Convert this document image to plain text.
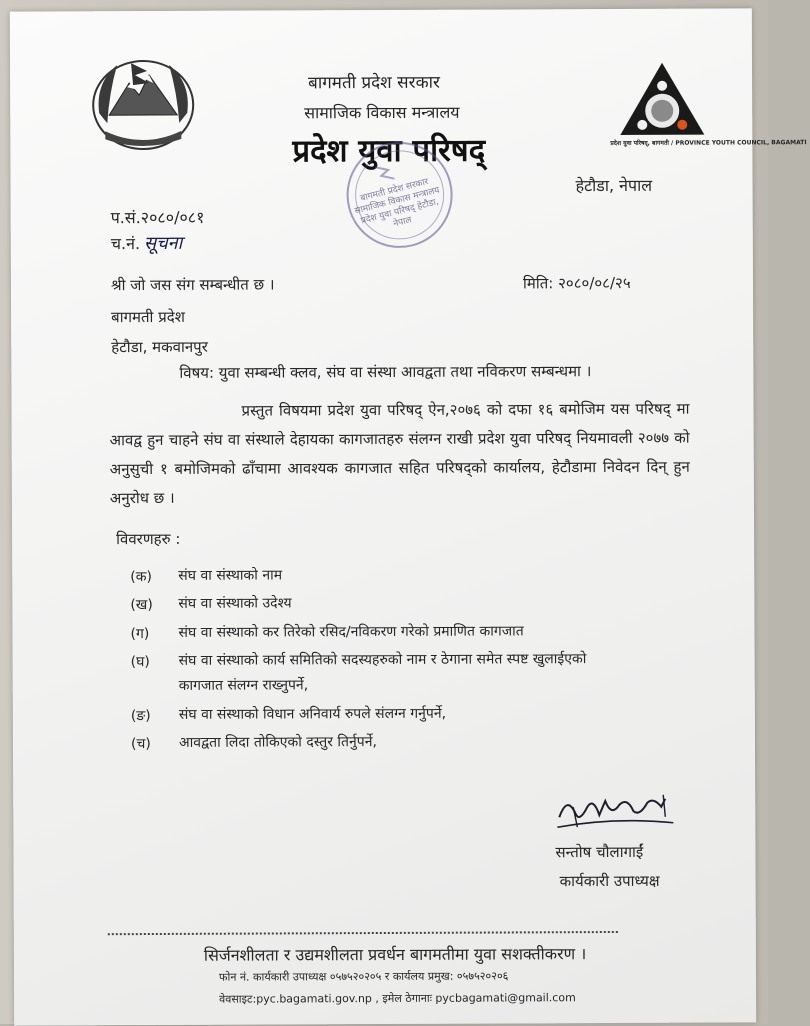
प्रदेश युवा परिषद्, बागमती / PROVINCE YOUTH COUNCIL, BAGAMATI
बागमती प्रदेश सरकार
सामाजिक विकास मन्त्रालय
प्रदेश युवा परिषद्
हेटौडा, नेपाल
बागमती प्रदेश सरकार सामाजिक विकास मन्त्रालय प्रदेश युवा परिषद् हेटौडा, नेपाल
प.सं.२०८०/०८१
च.नं. सूचना
श्री जो जस संग सम्बन्धीत छ ।	मिति: २०८०/०८/२५
बागमती प्रदेश
हेटौडा, मकवानपुर
विषय: युवा सम्बन्धी क्लव, संघ वा संस्था आवद्वता तथा नविकरण सम्बन्धमा ।
प्रस्तुत विषयमा प्रदेश युवा परिषद् ऐन,२०७६ को दफा १६ बमोजिम यस परिषद् मा आवद्व हुन चाहने संघ वा संस्थाले देहायका कागजातहरु संलग्न राखी प्रदेश युवा परिषद् नियमावली २०७७ को अनुसुची १ बमोजिमको ढाँचामा आवश्यक कागजात सहित परिषद्को कार्यालय, हेटौडामा निवेदन दिन् हुन अनुरोध छ ।
विवरणहरु :
(क) संघ वा संस्थाको नाम
(ख) संघ वा संस्थाको उदेश्य
(ग) संघ वा संस्थाको कर तिरेको रसिद/नविकरण गरेको प्रमाणित कागजात
(घ) संघ वा संस्थाको कार्य समितिको सदस्यहरुको नाम र ठेगाना समेत स्पष्ट खुलाईएको
कागजात संलग्न राख्नुपर्ने,
(ङ) संघ वा संस्थाको विधान अनिवार्य रुपले संलग्न गर्नुपर्ने,
(च) आवद्वता लिदा तोकिएको दस्तुर तिर्नुपर्ने,
सन्तोष चौलागाईं
कार्यकारी उपाध्यक्ष
सिर्जनशीलता र उद्यमशीलता प्रवर्धन बागमतीमा युवा सशक्तीकरण ।
फोन नं. कार्यकारी उपाध्यक्ष ०५७५२०२०५ र कार्यलय प्रमुख: ०५७५२०२०६
वेवसाइट:pyc.bagamati.gov.np , इमेल ठेगानाः pycbagamati@gmail.com
